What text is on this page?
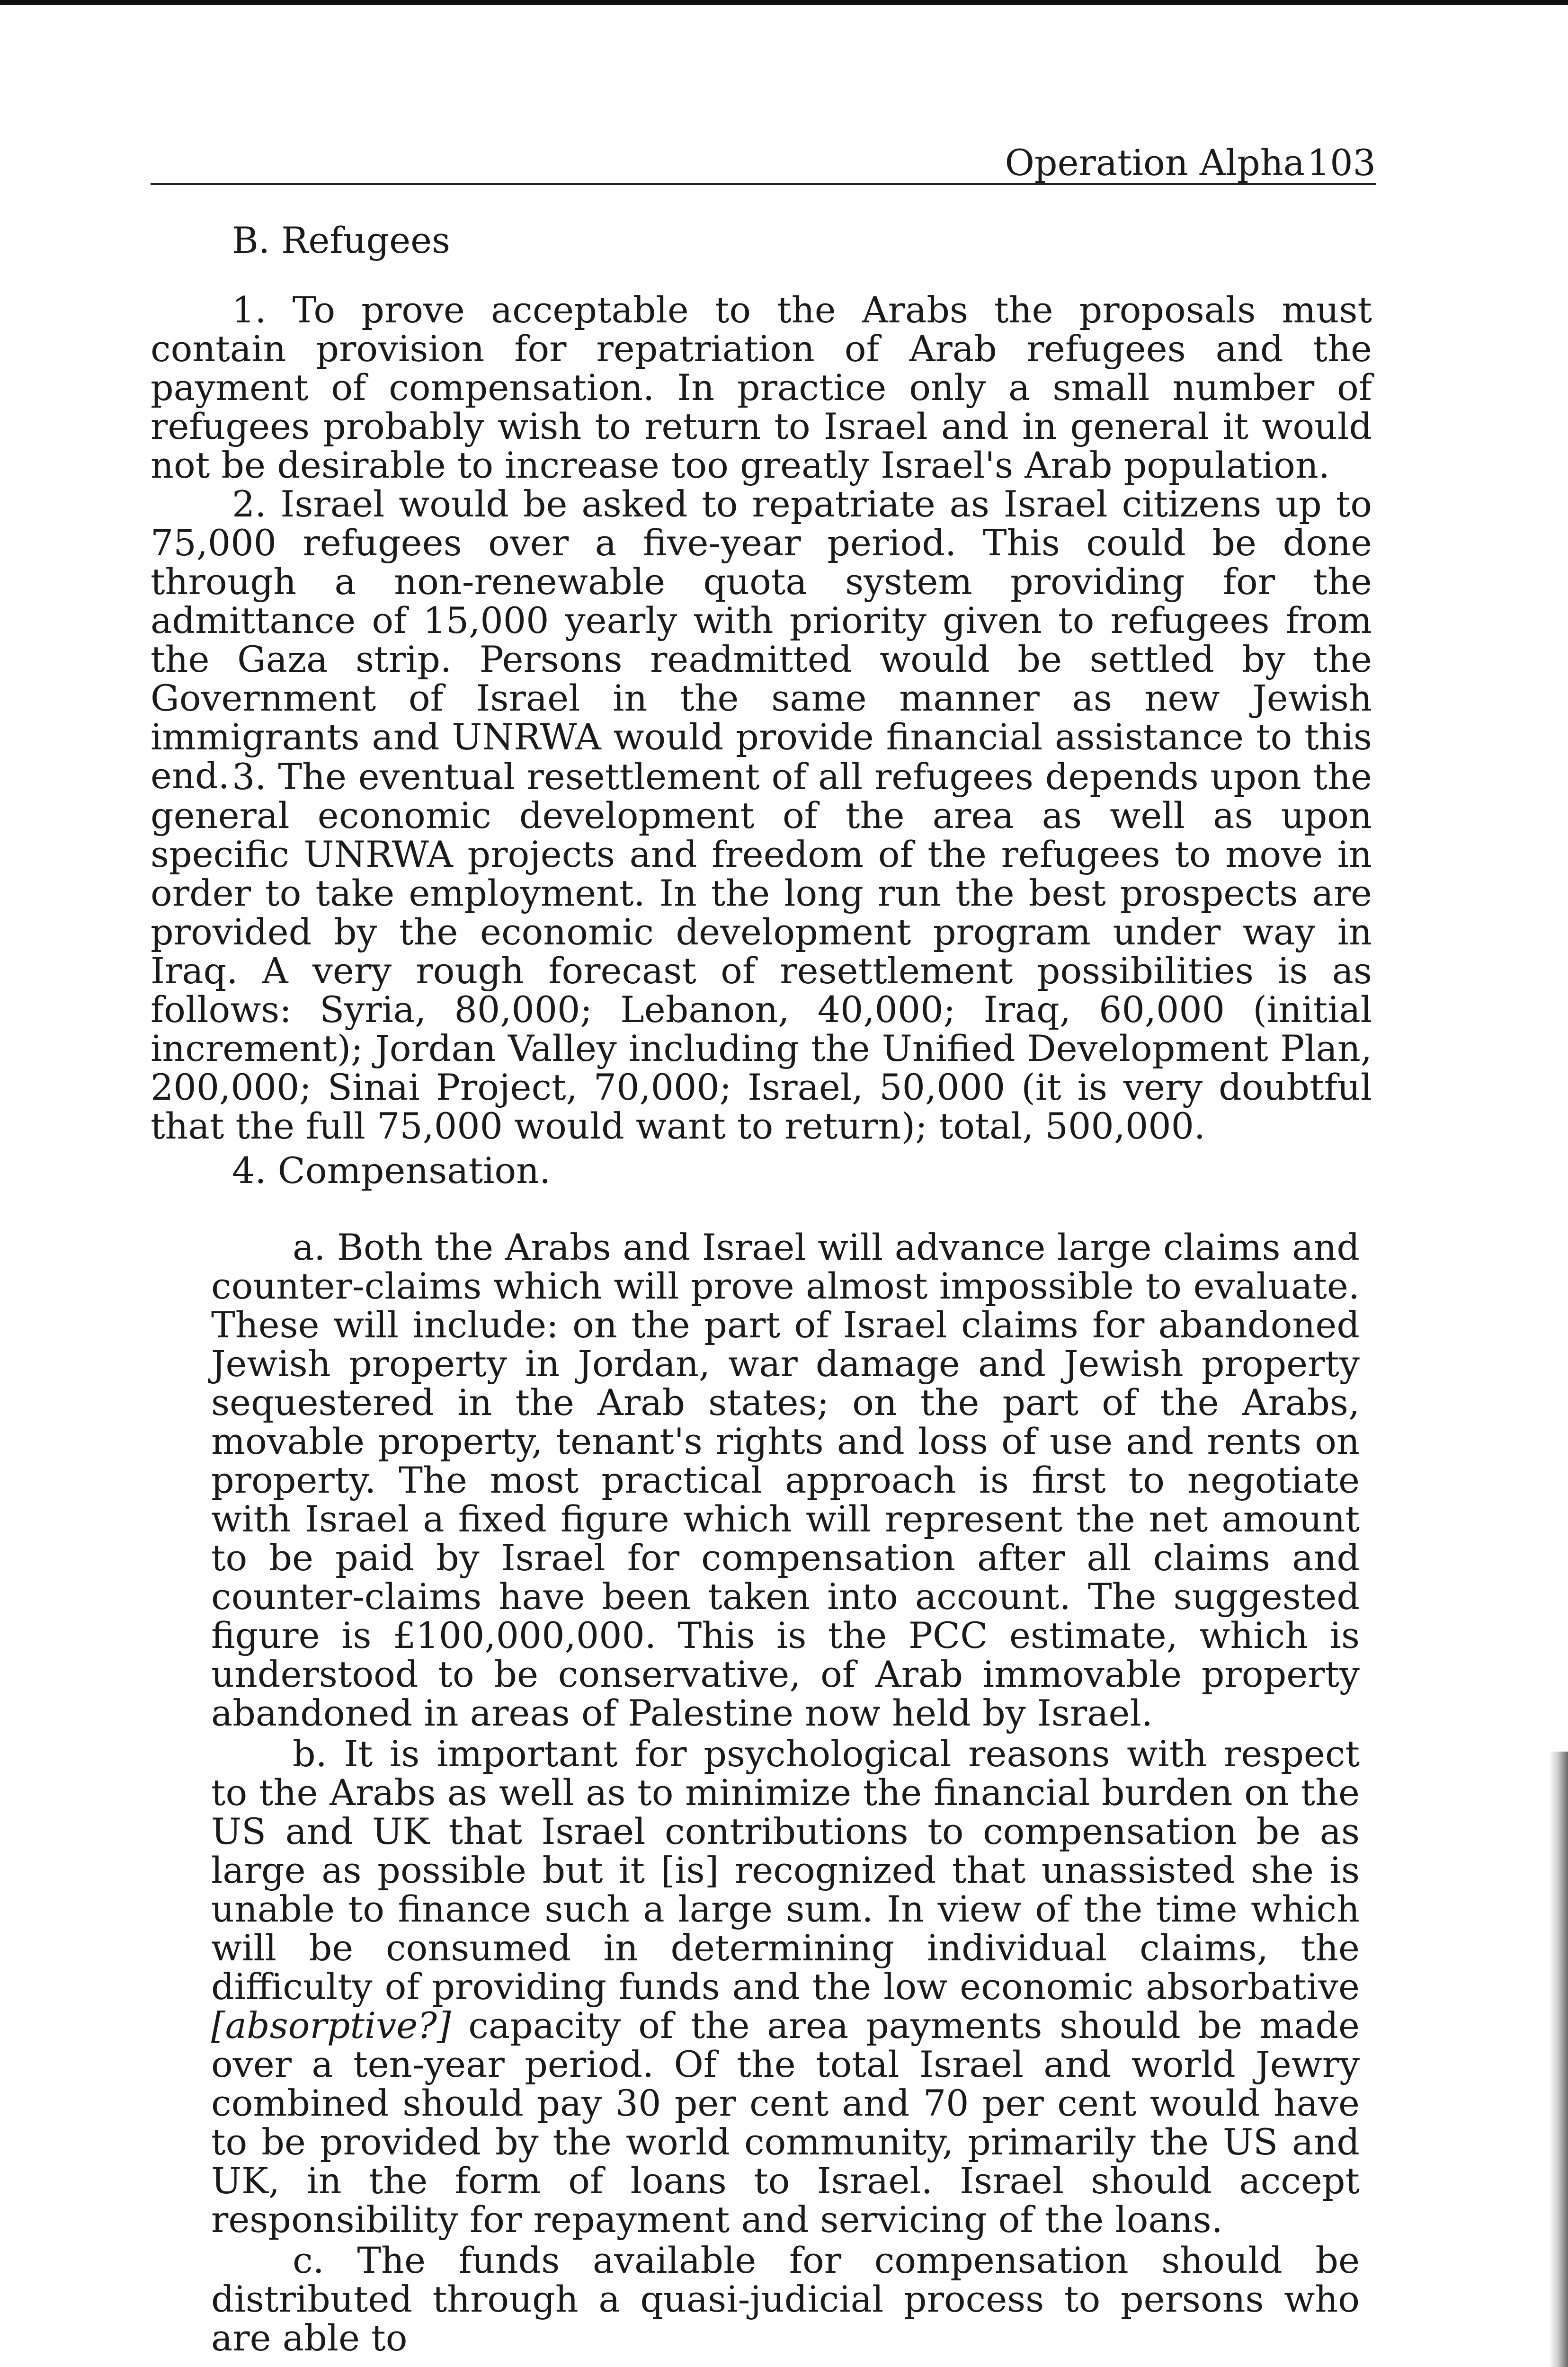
Operation Alpha 103
B. Refugees

1. To prove acceptable to the Arabs the proposals must contain provision for repatriation of Arab refugees and the payment of compensation. In practice only a small number of refugees probably wish to return to Israel and in general it would not be desirable to increase too greatly Israel's Arab population.

2. Israel would be asked to repatriate as Israel citizens up to 75,000 refugees over a five-year period. This could be done through a non-renewable quota system providing for the admittance of 15,000 yearly with priority given to refugees from the Gaza strip. Persons readmitted would be settled by the Government of Israel in the same manner as new Jewish immigrants and UNRWA would provide financial assistance to this end. 3. The eventual resettlement of all refugees depends upon the general economic development of the area as well as upon specific UNRWA projects and freedom of the refugees to move in order to take employment. In the long run the best prospects are provided by the economic development program under way in Iraq. A very rough forecast of resettlement possibilities is as follows: Syria, 80,000; Lebanon, 40,000; Iraq, 60,000 (initial increment); Jordan Valley including the Unified Development Plan, 200,000; Sinai Project, 70,000; Israel, 50,000 (it is very doubtful that the full 75,000 would want to return); total, 500,000.

4. Compensation.

a. Both the Arabs and Israel will advance large claims and counter-claims which will prove almost impossible to evaluate. These will include: on the part of Israel claims for abandoned Jewish property in Jordan, war damage and Jewish property sequestered in the Arab states; on the part of the Arabs, movable property, tenant's rights and loss of use and rents on property. The most practical approach is first to negotiate with Israel a fixed figure which will represent the net amount to be paid by Israel for compensation after all claims and counter-claims have been taken into account. The suggested figure is £100,000,000. This is the PCC estimate, which is understood to be conservative, of Arab immovable property abandoned in areas of Palestine now held by Israel.

b. It is important for psychological reasons with respect to the Arabs as well as to minimize the financial burden on the US and UK that Israel contributions to compensation be as large as possible but it [is] recognized that unassisted she is unable to finance such a large sum. In view of the time which will be consumed in determining individual claims, the difficulty of providing funds and the low economic absorbative [absorptive?] capacity of the area payments should be made over a ten-year period. Of the total Israel and world Jewry combined should pay 30 per cent and 70 per cent would have to be provided by the world community, primarily the US and UK, in the form of loans to Israel. Israel should accept responsibility for repayment and servicing of the loans.

c. The funds available for compensation should be distributed through a quasi-judicial process to persons who are able to
